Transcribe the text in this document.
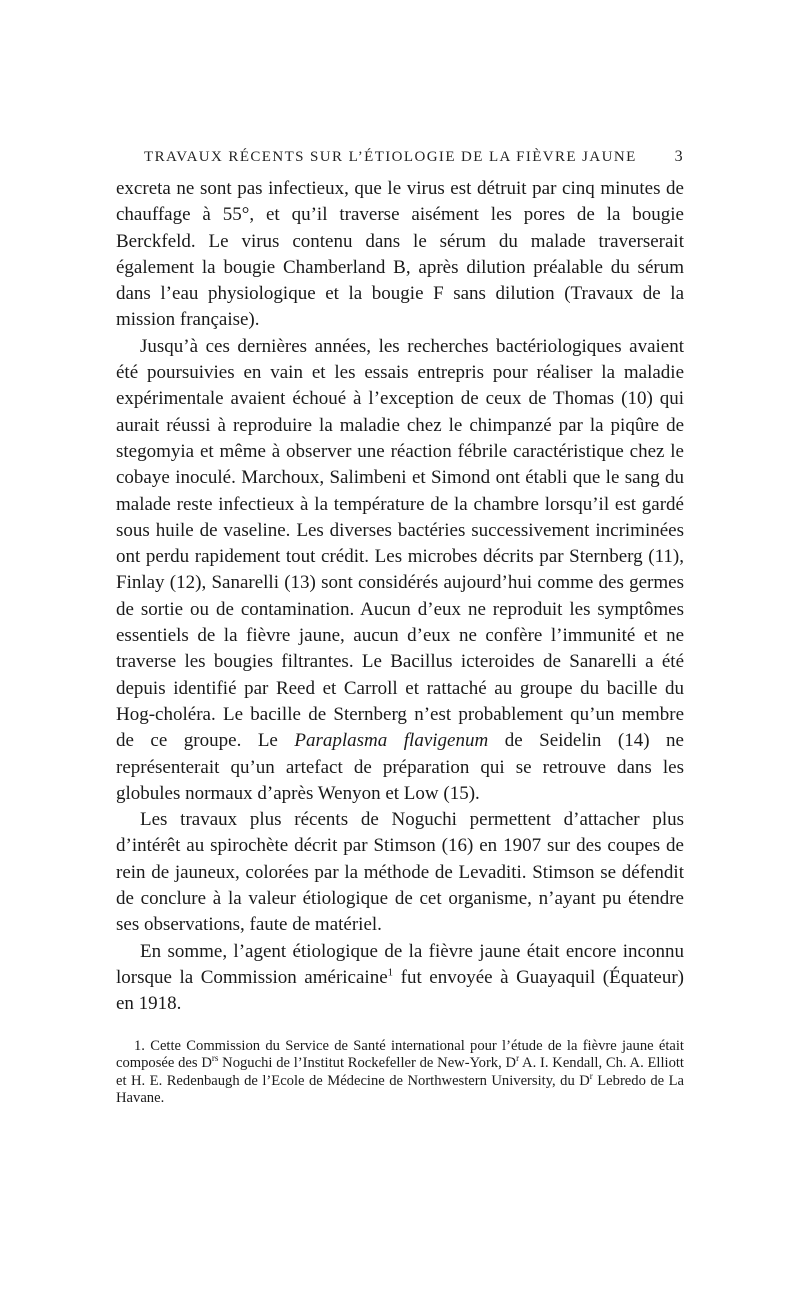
TRAVAUX RÉCENTS SUR L’ÉTIOLOGIE DE LA FIÈVRE JAUNE 3

excreta ne sont pas infectieux, que le virus est détruit par cinq minutes de chauffage à 55°, et qu’il traverse aisément les pores de la bougie Berckfeld. Le virus contenu dans le sérum du malade traverserait également la bougie Chamberland B, après dilution préalable du sérum dans l’eau physiologique et la bougie F sans dilution (Travaux de la mission française).

Jusqu’à ces dernières années, les recherches bactériologiques avaient été poursuivies en vain et les essais entrepris pour réaliser la maladie expérimentale avaient échoué à l’exception de ceux de Thomas (10) qui aurait réussi à reproduire la maladie chez le chimpanzé par la piqûre de stegomyia et même à observer une réaction fébrile caractéristique chez le cobaye inoculé. Marchoux, Salimbeni et Simond ont établi que le sang du malade reste infectieux à la température de la chambre lorsqu’il est gardé sous huile de vaseline. Les diverses bactéries successivement incriminées ont perdu rapidement tout crédit. Les microbes décrits par Sternberg (11), Finlay (12), Sanarelli (13) sont considérés aujourd’hui comme des germes de sortie ou de contamination. Aucun d’eux ne reproduit les symptômes essentiels de la fièvre jaune, aucun d’eux ne confère l’immunité et ne traverse les bougies filtrantes. Le Bacillus icteroides de Sanarelli a été depuis identifié par Reed et Carroll et rattaché au groupe du bacille du Hog-choléra. Le bacille de Sternberg n’est probablement qu’un membre de ce groupe. Le Paraplasma flavigenum de Seidelin (14) ne représenterait qu’un artefact de préparation qui se retrouve dans les globules normaux d’après Wenyon et Low (15).

Les travaux plus récents de Noguchi permettent d’attacher plus d’intérêt au spirochète décrit par Stimson (16) en 1907 sur des coupes de rein de jauneux, colorées par la méthode de Levaditi. Stimson se défendit de conclure à la valeur étiologique de cet organisme, n’ayant pu étendre ses observations, faute de matériel.

En somme, l’agent étiologique de la fièvre jaune était encore inconnu lorsque la Commission américaine$^1$ fut envoyée à Guayaquil (Équateur) en 1918.

1. Cette Commission du Service de Santé international pour l’étude de la fièvre jaune était composée des $D^{rs}$ Noguchi de l’Institut Rockefeller de New-York, $D^r$ A. I. Kendall, Ch. A. Elliott et H. E. Redenbaugh de l’Ecole de Médecine de Northwestern University, du $D^r$ Lebredo de La Havane.
